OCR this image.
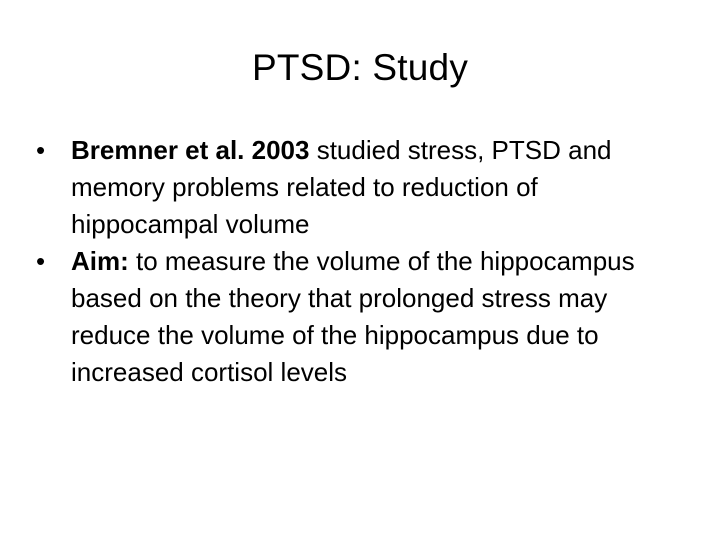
PTSD: Study
• Bremner et al. 2003 studied stress, PTSD and memory problems related to reduction of hippocampal volume
• Aim: to measure the volume of the hippocampus based on the theory that prolonged stress may reduce the volume of the hippocampus due to increased cortisol levels
